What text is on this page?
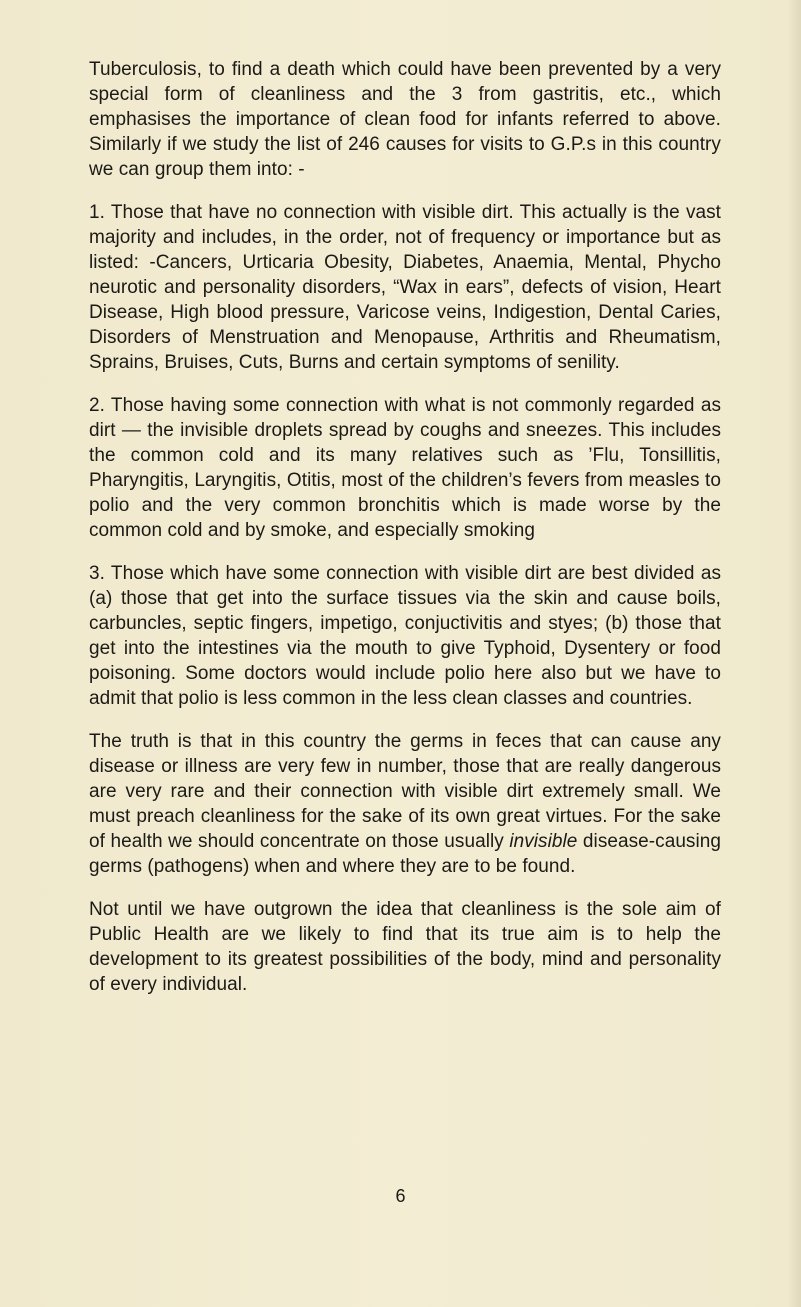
Tuberculosis, to find a death which could have been prevented by a very special form of cleanliness and the 3 from gastritis, etc., which emphasises the importance of clean food for infants referred to above. Similarly if we study the list of 246 causes for visits to G.P.s in this country we can group them into: -

1. Those that have no connection with visible dirt. This actually is the vast majority and includes, in the order, not of frequency or importance but as listed: -Cancers, Urticaria Obesity, Diabetes, Anaemia, Mental, Phycho neurotic and personality disorders, “Wax in ears”, defects of vision, Heart Disease, High blood pressure, Varicose veins, Indigestion, Dental Caries, Disorders of Menstruation and Menopause, Arthritis and Rheumatism, Sprains, Bruises, Cuts, Burns and certain symptoms of senility.

2. Those having some connection with what is not commonly regarded as dirt — the invisible droplets spread by coughs and sneezes. This includes the common cold and its many relatives such as ’Flu, Tonsillitis, Pharyngitis, Laryngitis, Otitis, most of the children’s fevers from measles to polio and the very common bronchitis which is made worse by the common cold and by smoke, and especially smoking

3. Those which have some connection with visible dirt are best divided as (a) those that get into the surface tissues via the skin and cause boils, carbuncles, septic fingers, impetigo, conjuctivitis and styes; (b) those that get into the intestines via the mouth to give Typhoid, Dysentery or food poisoning. Some doctors would include polio here also but we have to admit that polio is less common in the less clean classes and countries.

The truth is that in this country the germs in feces that can cause any disease or illness are very few in number, those that are really dangerous are very rare and their connection with visible dirt extremely small. We must preach cleanliness for the sake of its own great virtues. For the sake of health we should concentrate on those usually invisible disease-causing germs (pathogens) when and where they are to be found.

Not until we have outgrown the idea that cleanliness is the sole aim of Public Health are we likely to find that its true aim is to help the development to its greatest possibilities of the body, mind and personality of every individual.

6
